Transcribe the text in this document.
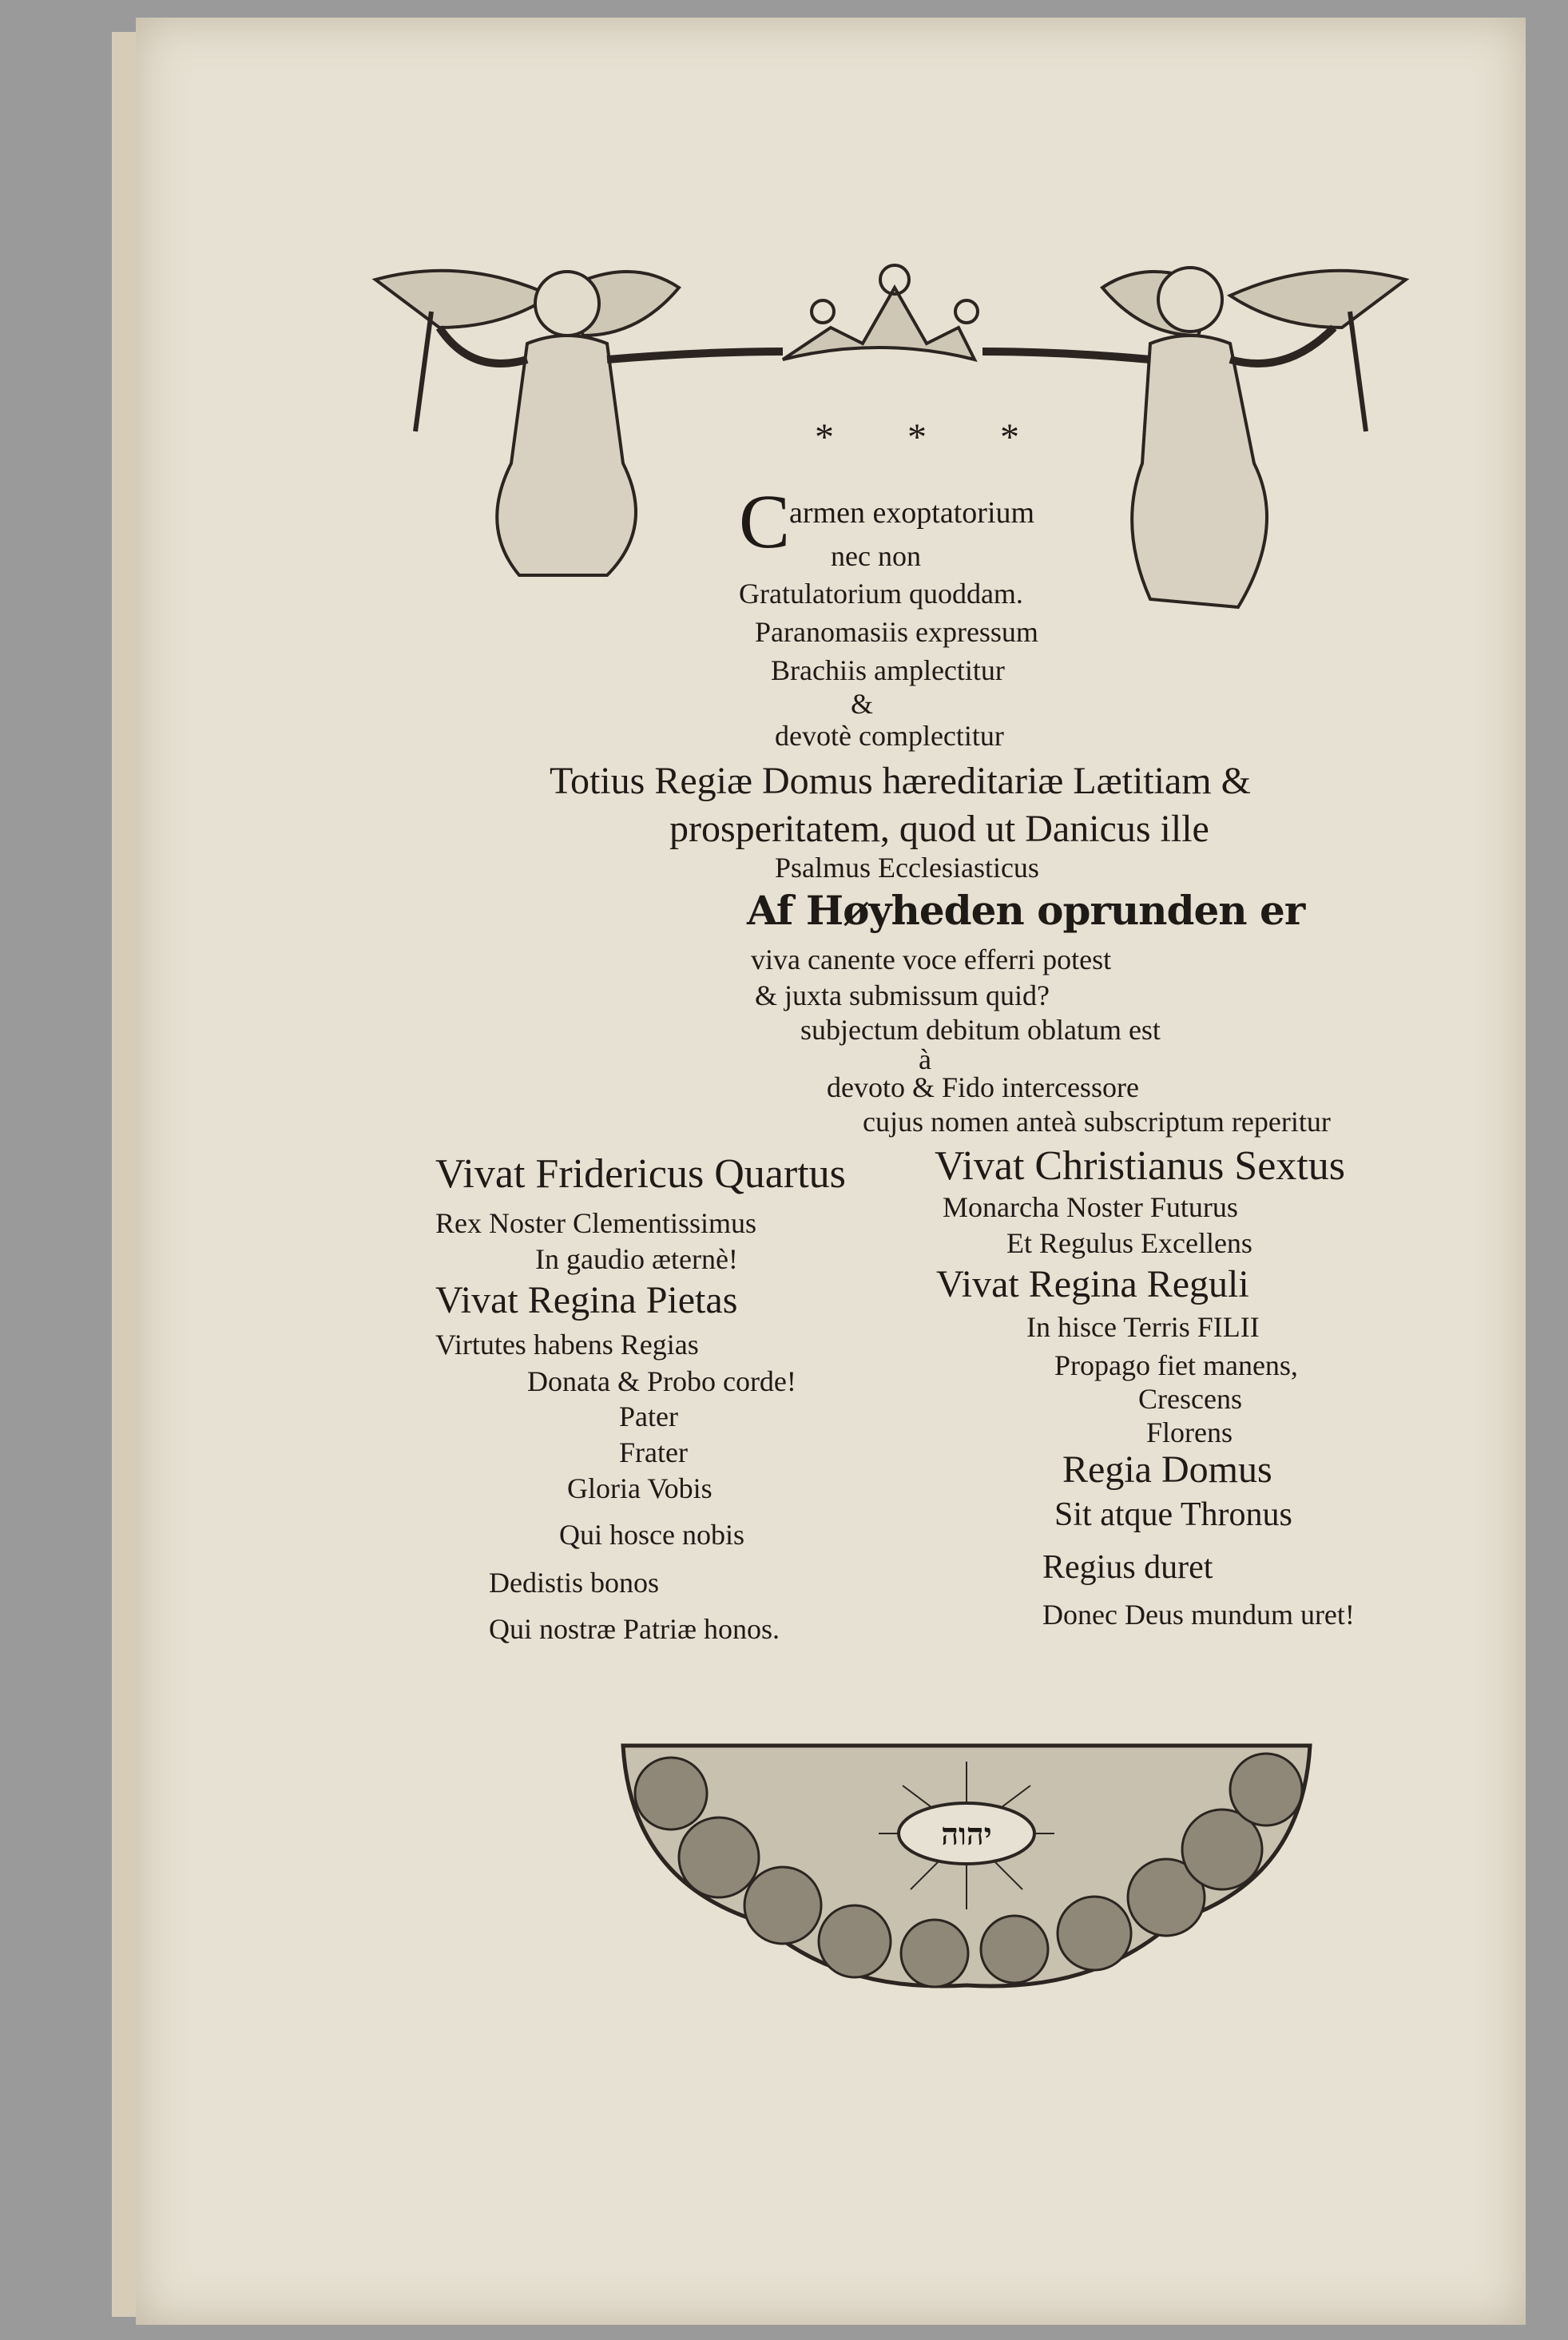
* * *
C
armen exoptatorium
nec non
Gratulatorium quoddam.
Paranomasiis expressum
Brachiis amplectitur
&
devotè complectitur
Totius Regiæ Domus hæreditariæ Lætitiam &
prosperitatem, quod ut Danicus ille
Psalmus Ecclesiasticus
Af Høyheden oprunden er
viva canente voce efferri potest
& juxta submissum quid?
subjectum debitum oblatum est
à
devoto & Fido intercessore
cujus nomen anteà subscriptum reperitur
Vivat Fridericus Quartus
Rex Noster Clementissimus
In gaudio æternè!
Vivat Regina Pietas
Virtutes habens Regias
Donata & Probo corde!
Pater
Frater
Gloria Vobis
Qui hosce nobis
Dedistis bonos
Qui nostræ Patriæ honos.
Vivat Christianus Sextus
Monarcha Noster Futurus
Et Regulus Excellens
Vivat Regina Reguli
In hisce Terris FILII
Propago fiet manens,
Crescens
Florens
Regia Domus
Sit atque Thronus
Regius duret
Donec Deus mundum uret!
יהוה
